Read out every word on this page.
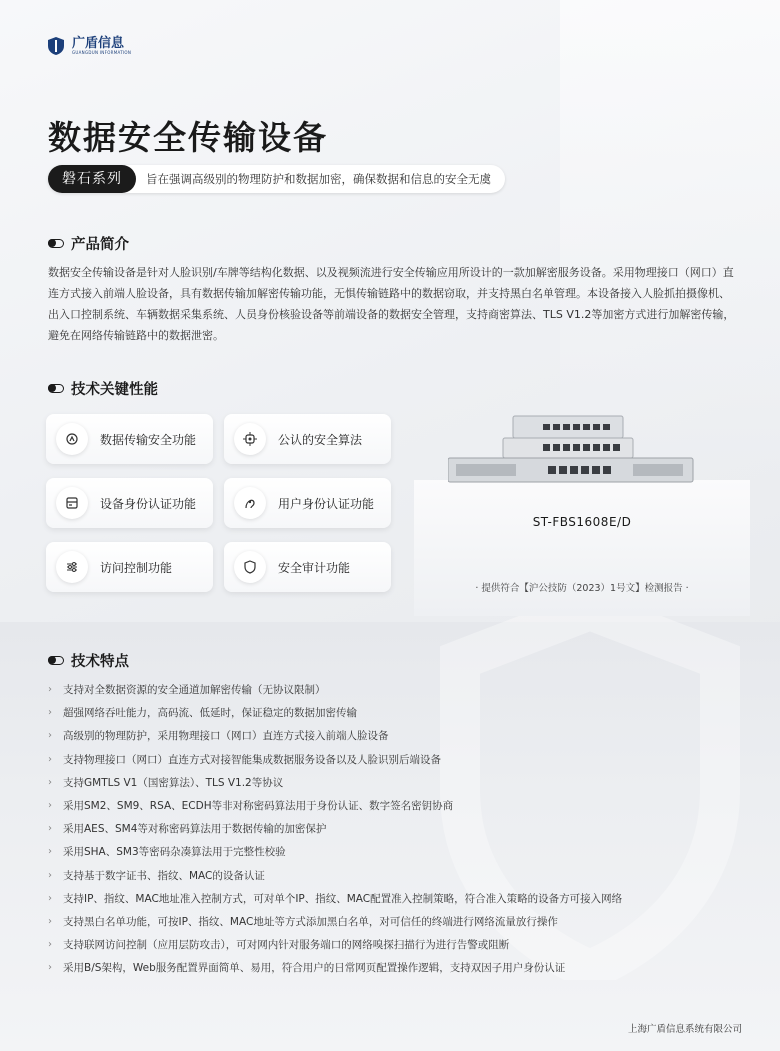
广盾信息
GUANGDUN INFORMATION
数据安全传输设备
磐石系列	旨在强调高级别的物理防护和数据加密，确保数据和信息的安全无虞
产品简介

数据安全传输设备是针对人脸识别/车牌等结构化数据、以及视频流进行安全传输应用所设计的一款加解密服务设备。采用物理接口（网口）直连方式接入前端人脸设备，具有数据传输加解密传输功能，无惧传输链路中的数据窃取，并支持黑白名单管理。本设备接入人脸抓拍摄像机、出入口控制系统、车辆数据采集系统、人员身份核验设备等前端设备的数据安全管理，支持商密算法、TLS V1.2等加密方式进行加解密传输，避免在网络传输链路中的数据泄密。

技术关键性能
数据传输安全功能	公认的安全算法
设备身份认证功能	用户身份认证功能
访问控制功能	安全审计功能
ST-FBS1608E/D
· 提供符合【沪公技防（2023）1号文】检测报告 ·
技术特点
›	支持对全数据资源的安全通道加解密传输（无协议限制）
›	超强网络吞吐能力，高码流、低延时，保证稳定的数据加密传输
›	高级别的物理防护，采用物理接口（网口）直连方式接入前端人脸设备
›	支持物理接口（网口）直连方式对接智能集成数据服务设备以及人脸识别后端设备
›	支持GMTLS V1（国密算法）、TLS V1.2等协议
›	采用SM2、SM9、RSA、ECDH等非对称密码算法用于身份认证、数字签名密钥协商
›	采用AES、SM4等对称密码算法用于数据传输的加密保护
›	采用SHA、SM3等密码杂凑算法用于完整性校验
›	支持基于数字证书、指纹、MAC的设备认证
›	支持IP、指纹、MAC地址准入控制方式，可对单个IP、指纹、MAC配置准入控制策略，符合准入策略的设备方可接入网络
›	支持黑白名单功能，可按IP、指纹、MAC地址等方式添加黑白名单，对可信任的终端进行网络流量放行操作
›	支持联网访问控制（应用层防攻击），可对网内针对服务端口的网络嗅探扫描行为进行告警或阻断
›	采用B/S架构，Web服务配置界面简单、易用，符合用户的日常网页配置操作逻辑，支持双因子用户身份认证
上海广盾信息系统有限公司
